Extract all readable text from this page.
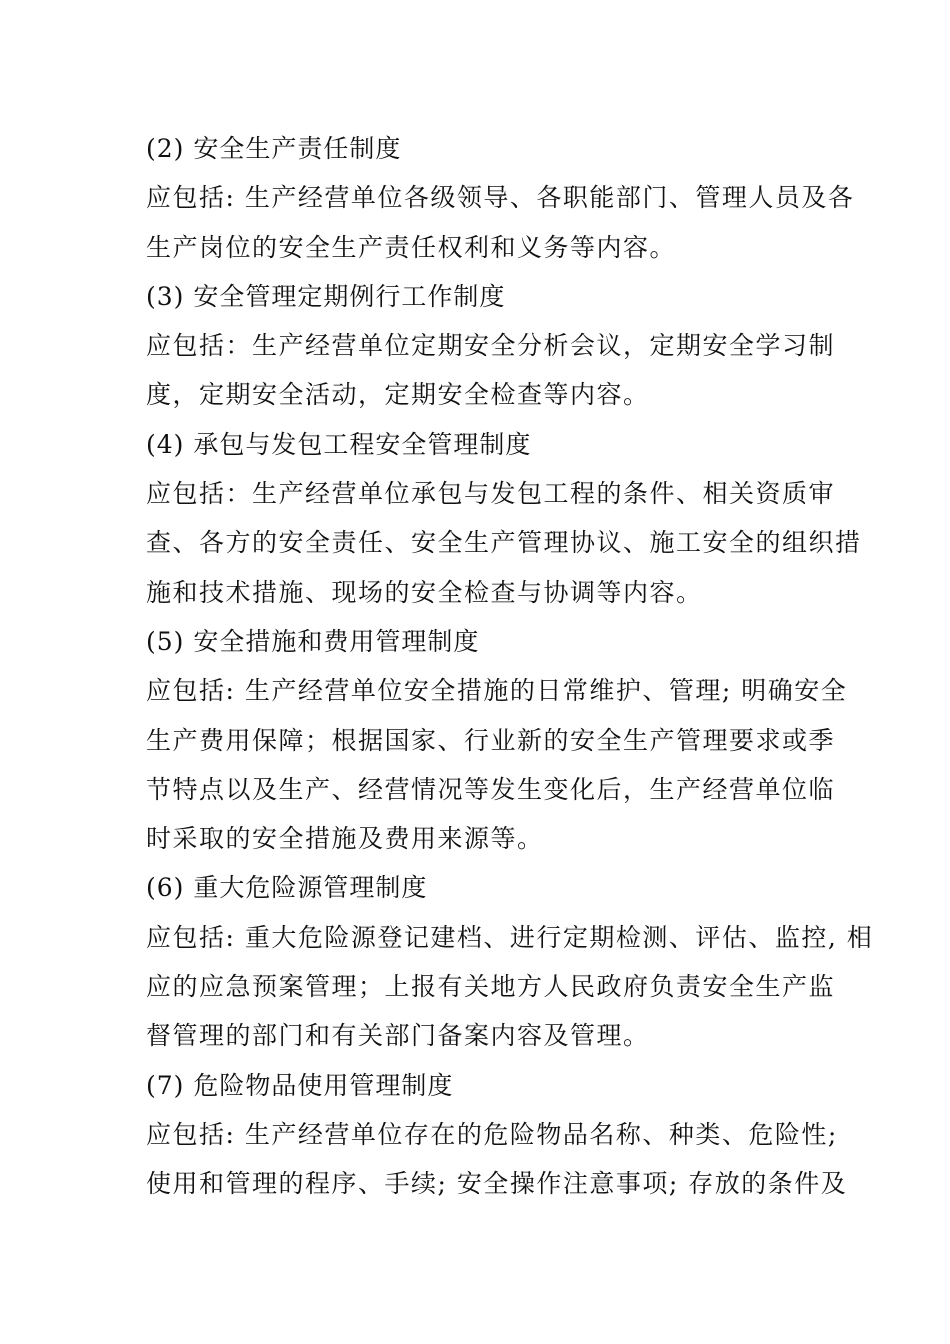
(2) 安全生产责任制度

应包括: 生产经营单位各级领导、各职能部门、管理人员及各

生产岗位的安全生产责任权利和义务等内容。

(3) 安全管理定期例行工作制度

应包括：生产经营单位定期安全分析会议，定期安全学习制

度，定期安全活动，定期安全检查等内容。

(4) 承包与发包工程安全管理制度

应包括：生产经营单位承包与发包工程的条件、相关资质审

查、各方的安全责任、安全生产管理协议、施工安全的组织措

施和技术措施、现场的安全检查与协调等内容。

(5) 安全措施和费用管理制度

应包括: 生产经营单位安全措施的日常维护、管理; 明确安全

生产费用保障；根据国家、行业新的安全生产管理要求或季

节特点以及生产、经营情况等发生变化后，生产经营单位临

时采取的安全措施及费用来源等。

(6) 重大危险源管理制度

应包括: 重大危险源登记建档、进行定期检测、评估、监控, 相

应的应急预案管理；上报有关地方人民政府负责安全生产监

督管理的部门和有关部门备案内容及管理。

(7) 危险物品使用管理制度

应包括: 生产经营单位存在的危险物品名称、种类、危险性;

使用和管理的程序、手续; 安全操作注意事项; 存放的条件及
